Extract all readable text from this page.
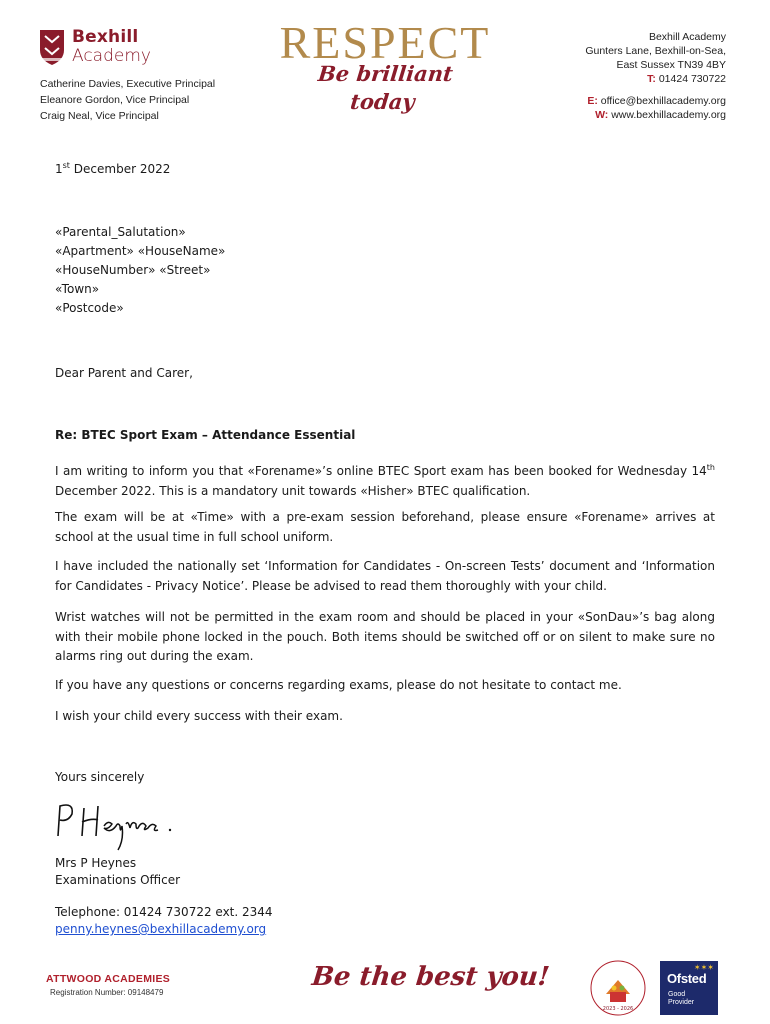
Bexhill
Academy
Catherine Davies, Executive Principal
Eleanore Gordon, Vice Principal
Craig Neal, Vice Principal
RESPECT
Be brilliant today
Bexhill Academy
Gunters Lane, Bexhill-on-Sea,
East Sussex TN39 4BY
T: 01424 730722
E: office@bexhillacademy.org
W: www.bexhillacademy.org
1st December 2022
«Parental_Salutation»
«Apartment» «HouseName»
«HouseNumber» «Street»
«Town»
«Postcode»
Dear Parent and Carer,
Re: BTEC Sport Exam – Attendance Essential
I am writing to inform you that «Forename»’s online BTEC Sport exam has been booked for Wednesday 14th December 2022. This is a mandatory unit towards «Hisher» BTEC qualification.
The exam will be at «Time» with a pre-exam session beforehand, please ensure «Forename» arrives at school at the usual time in full school uniform.
I have included the nationally set ‘Information for Candidates - On-screen Tests’ document and ‘Information for Candidates - Privacy Notice’. Please be advised to read them thoroughly with your child.
Wrist watches will not be permitted in the exam room and should be placed in your «SonDau»’s bag along with their mobile phone locked in the pouch. Both items should be switched off or on silent to make sure no alarms ring out during the exam.
If you have any questions or concerns regarding exams, please do not hesitate to contact me.
I wish your child every success with their exam.
Yours sincerely
Mrs P Heynes
Examinations Officer
Telephone: 01424 730722 ext. 2344
penny.heynes@bexhillacademy.org
ATTWOOD ACADEMIES
Registration Number: 09148479
Be the best you!
2023 - 2026
✶✶✶
Ofsted
Good
Provider
